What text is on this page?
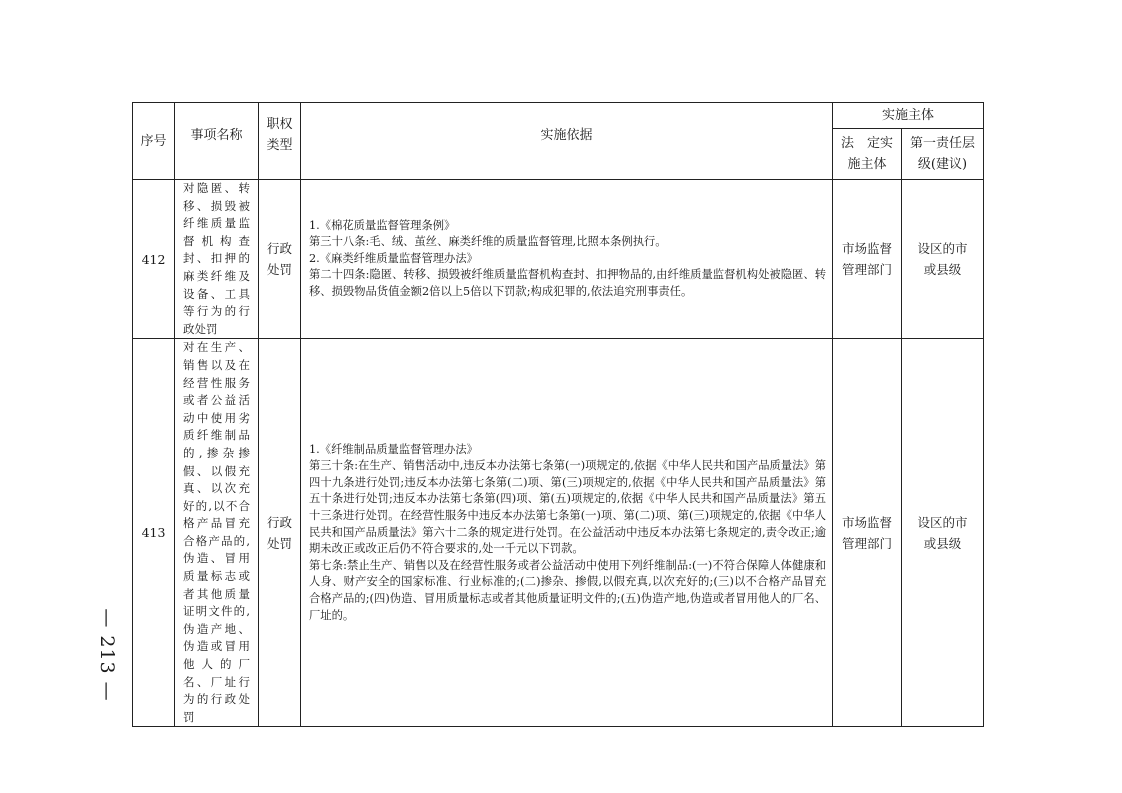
— 213 —
序号	事项名称	职权类型	实施依据	实施主体	

				法　定实施主体	第一责任层级(建议)

412	对隐匿、转移、损毁被纤维质量监督机构查封、扣押的麻类纤维及设备、工具等行为的行政处罚	行政处罚	1.《棉花质量监督管理条例》

第三十八条:毛、绒、茧丝、麻类纤维的质量监督管理,比照本条例执行。

2.《麻类纤维质量监督管理办法》

第二十四条:隐匿、转移、损毁被纤维质量监督机构查封、扣押物品的,由纤维质量监督机构处被隐匿、转移、损毁物品货值金额2倍以上5倍以下罚款;构成犯罪的,依法追究刑事责任。	市场监督管理部门	设区的市或县级

413	对在生产、销售以及在经营性服务或者公益活动中使用劣质纤维制品的,掺杂掺假、以假充真、以次充好的,以不合格产品冒充合格产品的,伪造、冒用质量标志或者其他质量证明文件的,伪造产地、伪造或冒用他人的厂名、厂址行为的行政处罚	行政处罚	1.《纤维制品质量监督管理办法》

第三十条:在生产、销售活动中,违反本办法第七条第(一)项规定的,依据《中华人民共和国产品质量法》第四十九条进行处罚;违反本办法第七条第(二)项、第(三)项规定的,依据《中华人民共和国产品质量法》第五十条进行处罚;违反本办法第七条第(四)项、第(五)项规定的,依据《中华人民共和国产品质量法》第五十三条进行处罚。在经营性服务中违反本办法第七条第(一)项、第(二)项、第(三)项规定的,依据《中华人民共和国产品质量法》第六十二条的规定进行处罚。在公益活动中违反本办法第七条规定的,责令改正;逾期未改正或改正后仍不符合要求的,处一千元以下罚款。

第七条:禁止生产、销售以及在经营性服务或者公益活动中使用下列纤维制品:(一)不符合保障人体健康和人身、财产安全的国家标准、行业标准的;(二)掺杂、掺假,以假充真,以次充好的;(三)以不合格产品冒充合格产品的;(四)伪造、冒用质量标志或者其他质量证明文件的;(五)伪造产地,伪造或者冒用他人的厂名、厂址的。	市场监督管理部门	设区的市或县级
